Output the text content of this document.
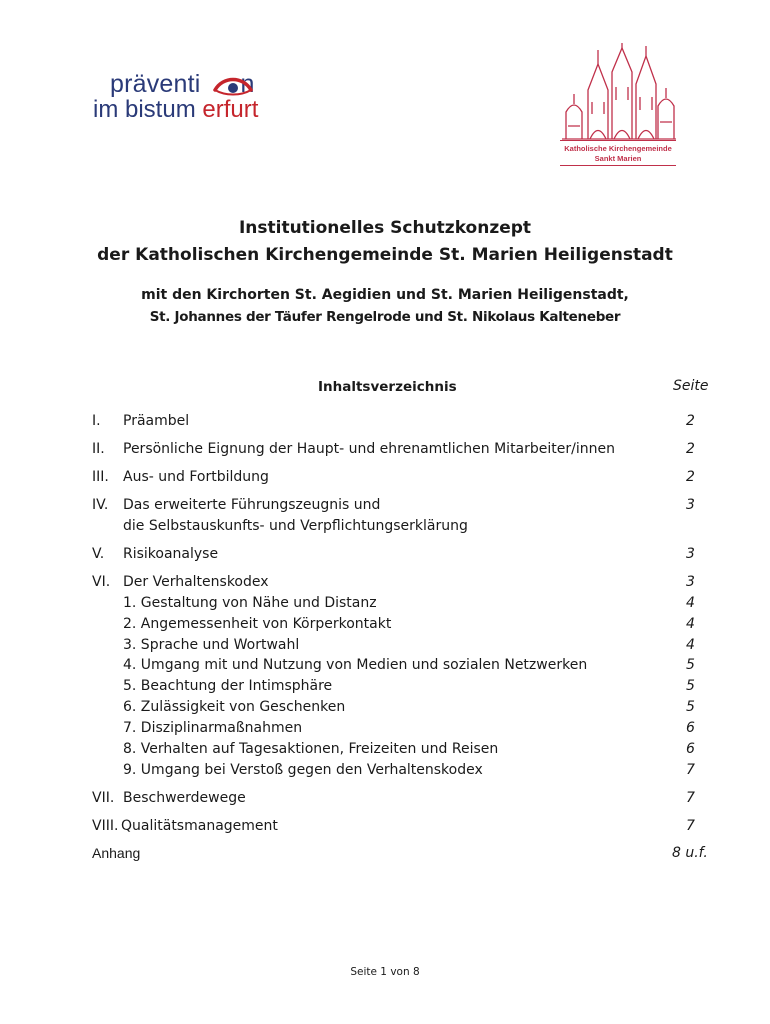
präventi n
im bistum erfurt
Katholische Kirchengemeinde
Sankt Marien
Institutionelles Schutzkonzept
der Katholischen Kirchengemeinde St. Marien Heiligenstadt
mit den Kirchorten St. Aegidien und St. Marien Heiligenstadt,
St. Johannes der Täufer Rengelrode und St. Nikolaus Kalteneber
Inhaltsverzeichnis	Seite
I. Präambel	2
II. Persönliche Eignung der Haupt- und ehrenamtlichen Mitarbeiter/innen	2
III. Aus- und Fortbildung	2
IV. Das erweiterte Führungszeugnis und	3
die Selbstauskunfts- und Verpflichtungserklärung
V. Risikoanalyse	3
VI. Der Verhaltenskodex	3
1. Gestaltung von Nähe und Distanz	4
2. Angemessenheit von Körperkontakt	4
3. Sprache und Wortwahl	4
4. Umgang mit und Nutzung von Medien und sozialen Netzwerken	5
5. Beachtung der Intimsphäre	5
6. Zulässigkeit von Geschenken	5
7. Disziplinarmaßnahmen	6
8. Verhalten auf Tagesaktionen, Freizeiten und Reisen	6
9. Umgang bei Verstoß gegen den Verhaltenskodex	7
VII. Beschwerdewege	7
VIII. Qualitätsmanagement	7
Anhang	8 u.f.
Seite 1 von 8
